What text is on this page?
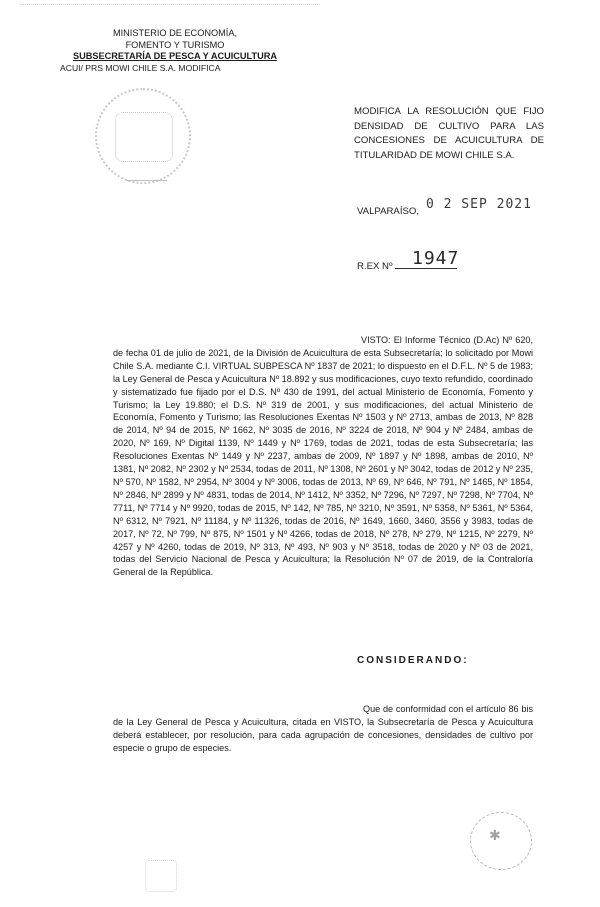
MINISTERIO DE ECONOMÍA,
FOMENTO Y TURISMO
SUBSECRETARÍA DE PESCA Y ACUICULTURA
ACUI/ PRS MOWI CHILE S.A. MODIFICA
MODIFICA LA RESOLUCIÓN QUE FIJO DENSIDAD DE CULTIVO PARA LAS CONCESIONES DE ACUICULTURA DE TITULARIDAD DE MOWI CHILE S.A.
VALPARAÍSO, 0 2 SEP 2021
R.EX Nº	1947
VISTO: El Informe Técnico (D.Ac) Nº 620, de fecha 01 de julio de 2021, de la División de Acuicultura de esta Subsecretaría; lo solicitado por Mowi Chile S.A. mediante C.I. VIRTUAL SUBPESCA Nº 1837 de 2021; lo dispuesto en el D.F.L. Nº 5 de 1983; la Ley General de Pesca y Acuicultura Nº 18.892 y sus modificaciones, cuyo texto refundido, coordinado y sistematizado fue fijado por el D.S. Nº 430 de 1991, del actual Ministerio de Economía, Fomento y Turismo; la Ley 19.880; el D.S. Nº 319 de 2001, y sus modificaciones, del actual Ministerio de Economía, Fomento y Turismo; las Resoluciones Exentas Nº 1503 y Nº 2713, ambas de 2013, Nº 828 de 2014, Nº 94 de 2015, Nº 1662, Nº 3035 de 2016, Nº 3224 de 2018, Nº 904 y Nº 2484, ambas de 2020, Nº 169, Nº Digital 1139, Nº 1449 y Nº 1769, todas de 2021, todas de esta Subsecretaría; las Resoluciones Exentas Nº 1449 y Nº 2237, ambas de 2009, Nº 1897 y Nº 1898, ambas de 2010, Nº 1381, Nº 2082, Nº 2302 y Nº 2534, todas de 2011, Nº 1308, Nº 2601 y Nº 3042, todas de 2012 y Nº 235, Nº 570, Nº 1582, Nº 2954, Nº 3004 y Nº 3006, todas de 2013, Nº 69, Nº 646, Nº 791, Nº 1465, Nº 1854, Nº 2846, Nº 2899 y Nº 4831, todas de 2014, Nº 1412, Nº 3352, Nº 7296, Nº 7297, Nº 7298, Nº 7704, Nº 7711, Nº 7714 y Nº 9920, todas de 2015, Nº 142, Nº 785, Nº 3210, Nº 3591, Nº 5358, Nº 5361, Nº 5364, Nº 6312, Nº 7921, Nº 11184, y Nº 11326, todas de 2016, Nº 1649, 1660, 3460, 3556 y 3983, todas de 2017, Nº 72, Nº 799, Nº 875, Nº 1501 y Nº 4266, todas de 2018, Nº 278, Nº 279, Nº 1215, Nº 2279, Nº 4257 y Nº 4260, todas de 2019, Nº 313, Nº 493, Nº 903 y Nº 3518, todas de 2020 y Nº 03 de 2021, todas del Servicio Nacional de Pesca y Acuicultura; la Resolución Nº 07 de 2019, de la Contraloría General de la República.
CONSIDERANDO:
Que de conformidad con el artículo 86 bis de la Ley General de Pesca y Acuicultura, citada en VISTO, la Subsecretaría de Pesca y Acuicultura deberá establecer, por resolución, para cada agrupación de concesiones, densidades de cultivo por especie o grupo de especies.
✱
